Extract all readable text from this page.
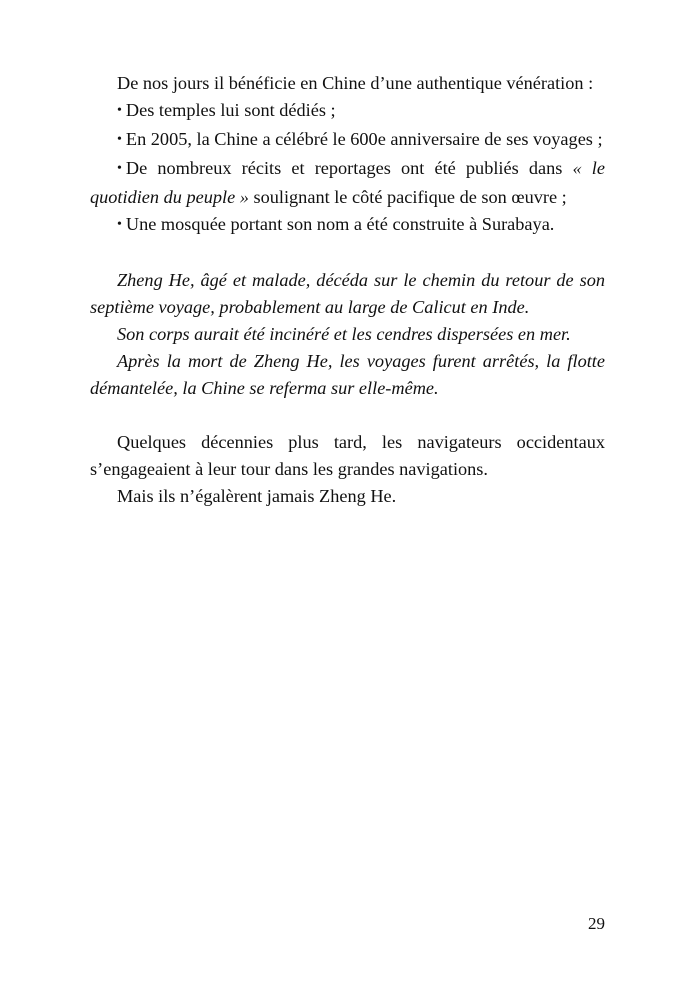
De nos jours il bénéficie en Chine d’une authentique vénération :

• Des temples lui sont dédiés ;

• En 2005, la Chine a célébré le 600e anniversaire de ses voyages ;

• De nombreux récits et reportages ont été publiés dans « le quotidien du peuple » soulignant le côté pacifique de son œuvre ;

• Une mosquée portant son nom a été construite à Surabaya.

Zheng He, âgé et malade, décéda sur le chemin du retour de son septième voyage, probablement au large de Calicut en Inde.

Son corps aurait été incinéré et les cendres dispersées en mer.

Après la mort de Zheng He, les voyages furent arrêtés, la flotte démantelée, la Chine se referma sur elle-même.

Quelques décennies plus tard, les navigateurs occidentaux s’engageaient à leur tour dans les grandes navigations.

Mais ils n’égalèrent jamais Zheng He.

29
